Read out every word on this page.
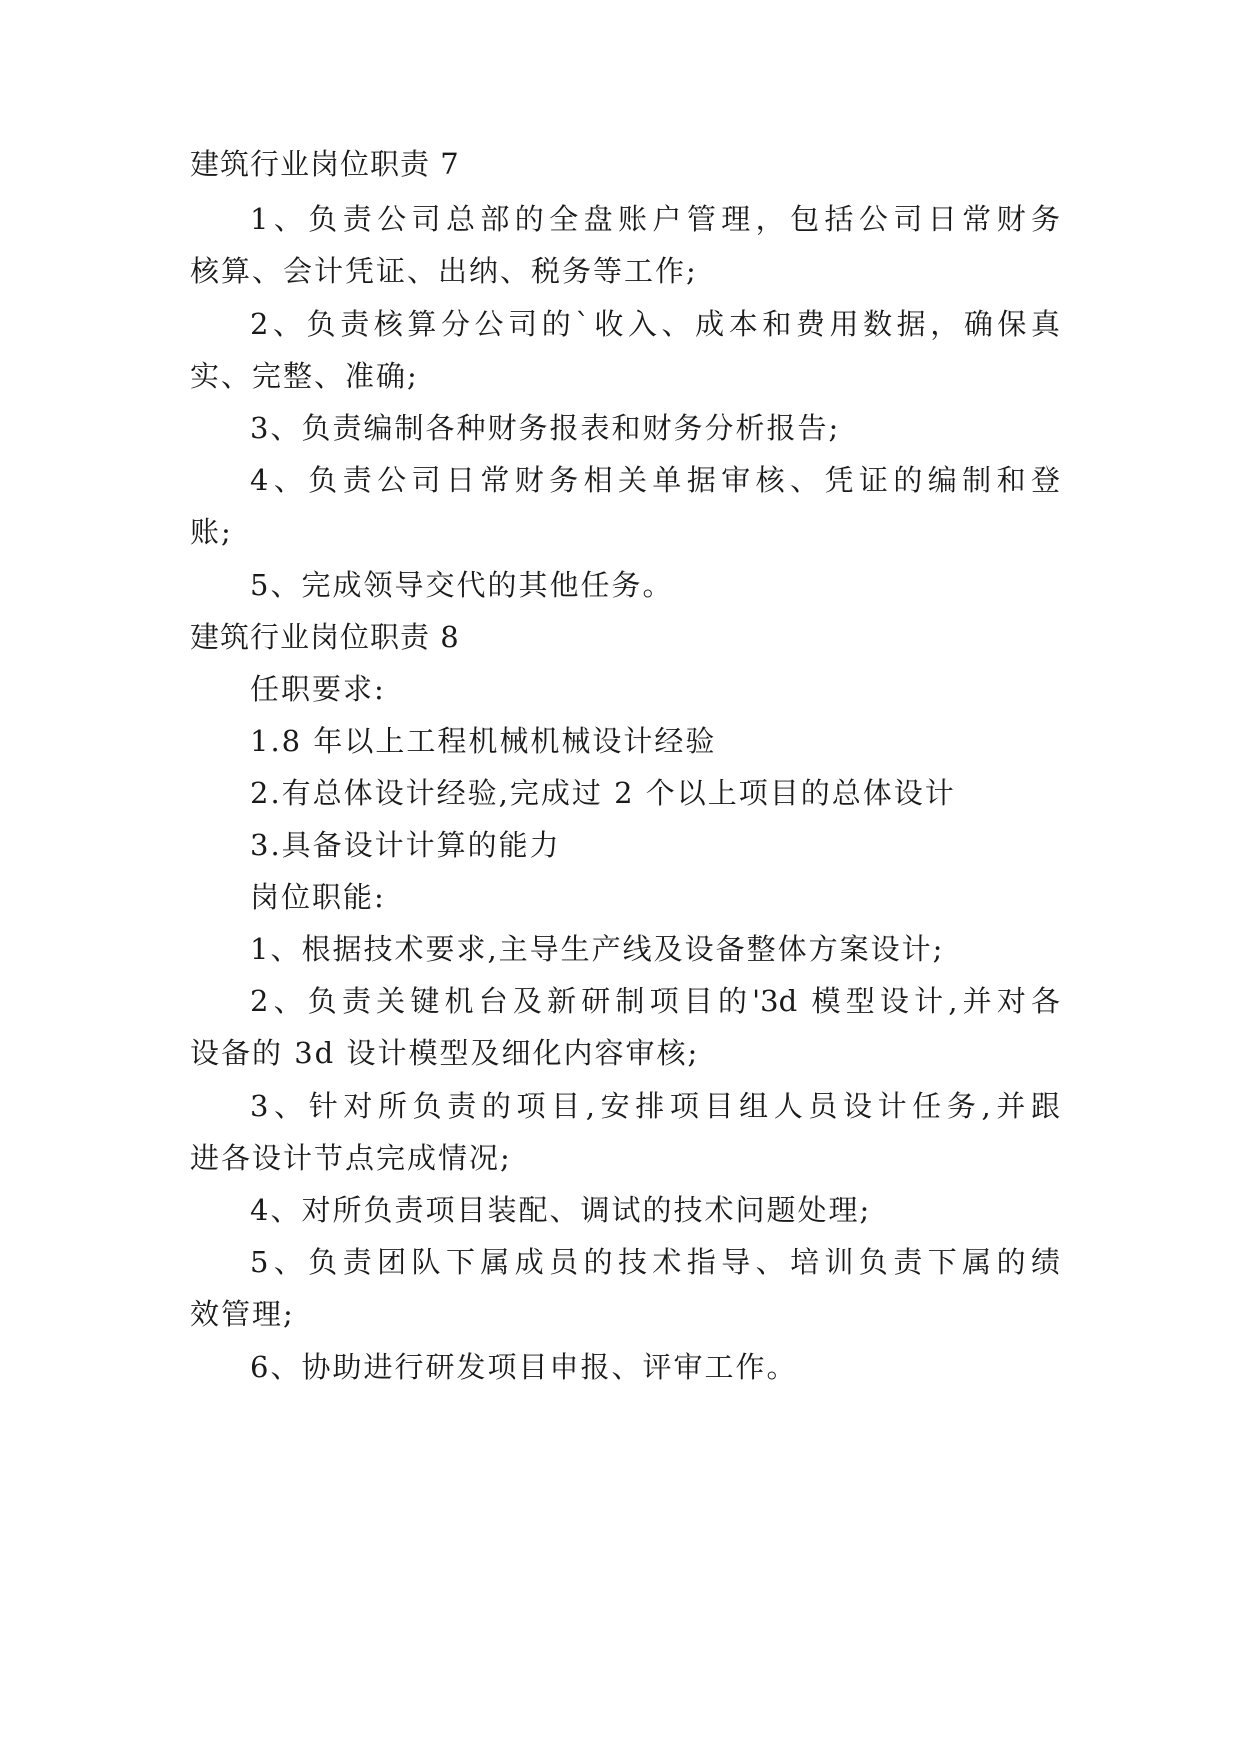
建筑行业岗位职责 7
1、负责公司总部的全盘账户管理，包括公司日常财务
核算、会计凭证、出纳、税务等工作;
2、负责核算分公司的`收入、成本和费用数据，确保真
实、完整、准确;
3、负责编制各种财务报表和财务分析报告;
4、负责公司日常财务相关单据审核、凭证的编制和登
账;
5、完成领导交代的其他任务。
建筑行业岗位职责 8
任职要求:
1.8 年以上工程机械机械设计经验
2.有总体设计经验,完成过 2 个以上项目的总体设计
3.具备设计计算的能力
岗位职能:
1、根据技术要求,主导生产线及设备整体方案设计;
2、负责关键机台及新研制项目的'3d 模型设计,并对各
设备的 3d 设计模型及细化内容审核;
3、针对所负责的项目,安排项目组人员设计任务,并跟
进各设计节点完成情况;
4、对所负责项目装配、调试的技术问题处理;
5、负责团队下属成员的技术指导、培训负责下属的绩
效管理;
6、协助进行研发项目申报、评审工作。
